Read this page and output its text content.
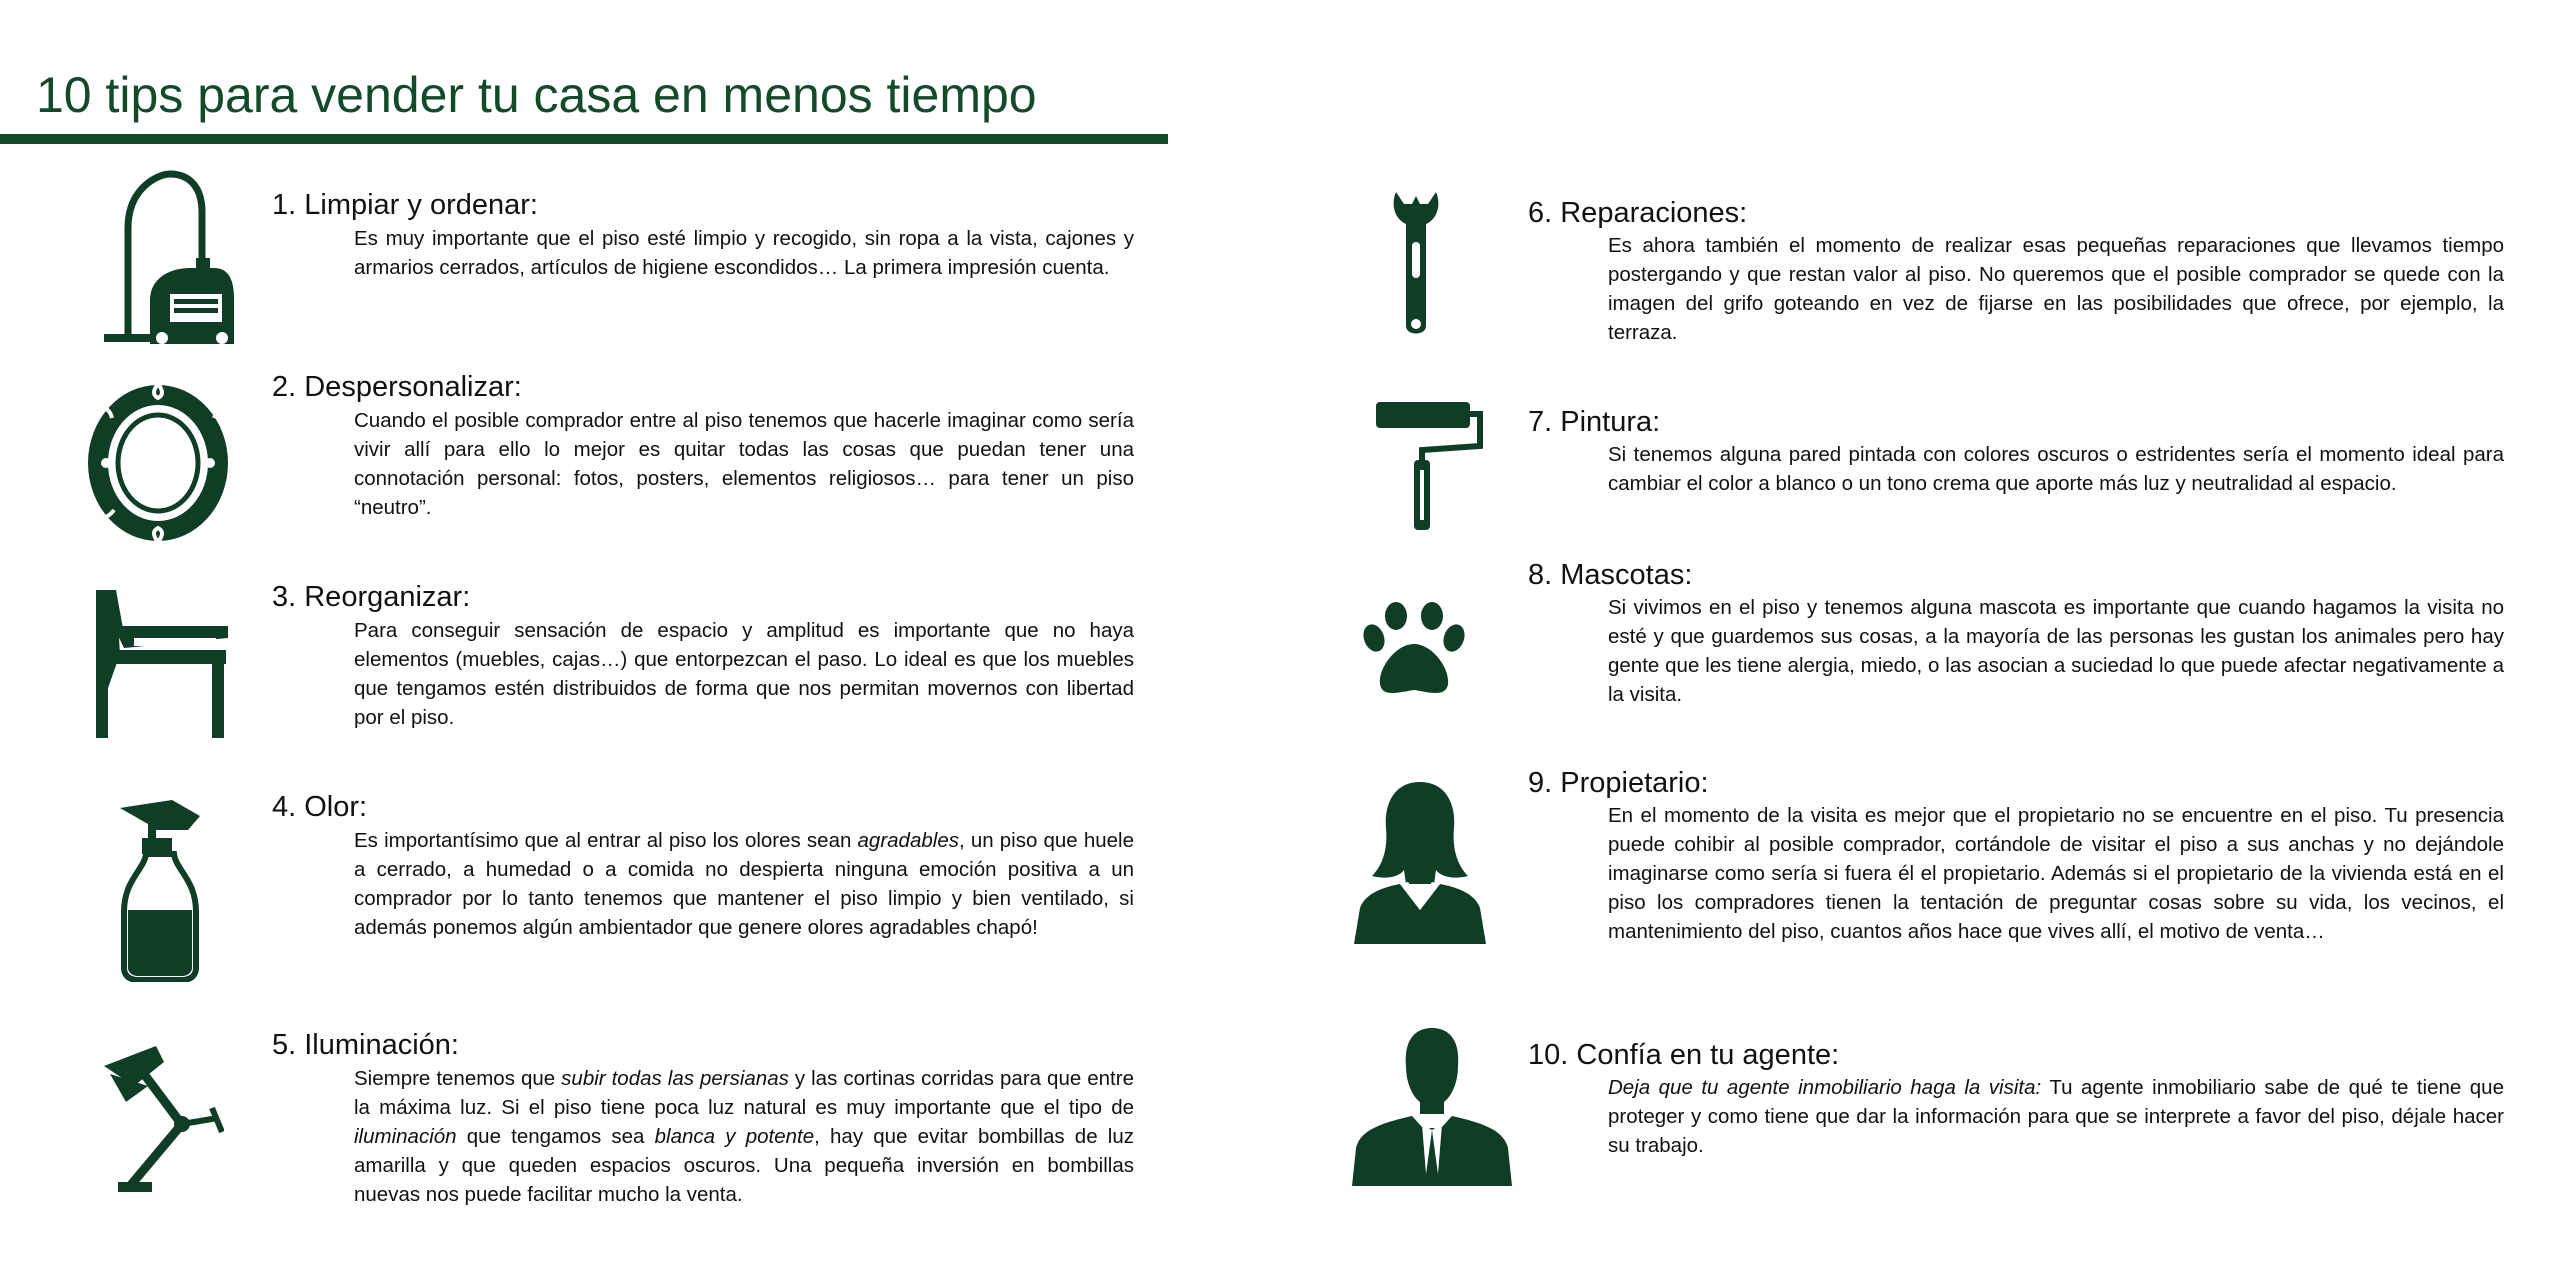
10 tips para vender tu casa en menos tiempo
1. Limpiar y ordenar:
Es muy importante que el piso esté limpio y recogido, sin ropa a la vista, cajones y armarios cerrados, artículos de higiene escondidos… La primera impresión cuenta.
2. Despersonalizar:
Cuando el posible comprador entre al piso tenemos que hacerle imaginar como sería vivir allí para ello lo mejor es quitar todas las cosas que puedan tener una connotación personal: fotos, posters, elementos religiosos… para tener un piso “neutro”.
3. Reorganizar:
Para conseguir sensación de espacio y amplitud es importante que no haya elementos (muebles, cajas…) que entorpezcan el paso. Lo ideal es que los muebles que tengamos estén distribuidos de forma que nos permitan movernos con libertad por el piso.
4. Olor:
Es importantísimo que al entrar al piso los olores sean agradables, un piso que huele a cerrado, a humedad o a comida no despierta ninguna emoción positiva a un comprador por lo tanto tenemos que mantener el piso limpio y bien ventilado, si además ponemos algún ambientador que genere olores agradables chapó!
5. Iluminación:
Siempre tenemos que subir todas las persianas y las cortinas corridas para que entre la máxima luz. Si el piso tiene poca luz natural es muy importante que el tipo de iluminación que tengamos sea blanca y potente, hay que evitar bombillas de luz amarilla y que queden espacios oscuros. Una pequeña inversión en bombillas nuevas nos puede facilitar mucho la venta.
6. Reparaciones:
Es ahora también el momento de realizar esas pequeñas reparaciones que llevamos tiempo postergando y que restan valor al piso. No queremos que el posible comprador se quede con la imagen del grifo goteando en vez de fijarse en las posibilidades que ofrece, por ejemplo, la terraza.
7. Pintura:
Si tenemos alguna pared pintada con colores oscuros o estridentes sería el momento ideal para cambiar el color a blanco o un tono crema que aporte más luz y neutralidad al espacio.
8. Mascotas:
Si vivimos en el piso y tenemos alguna mascota es importante que cuando hagamos la visita no esté y que guardemos sus cosas, a la mayoría de las personas les gustan los animales pero hay gente que les tiene alergia, miedo, o las asocian a suciedad lo que puede afectar negativamente a la visita.
9. Propietario:
En el momento de la visita es mejor que el propietario no se encuentre en el piso. Tu presencia puede cohibir al posible comprador, cortándole de visitar el piso a sus anchas y no dejándole imaginarse como sería si fuera él el propietario. Además si el propietario de la vivienda está en el piso los compradores tienen la tentación de preguntar cosas sobre su vida, los vecinos, el mantenimiento del piso, cuantos años hace que vives allí, el motivo de venta…
10. Confía en tu agente:
Deja que tu agente inmobiliario haga la visita: Tu agente inmobiliario sabe de qué te tiene que proteger y como tiene que dar la información para que se interprete a favor del piso, déjale hacer su trabajo.
